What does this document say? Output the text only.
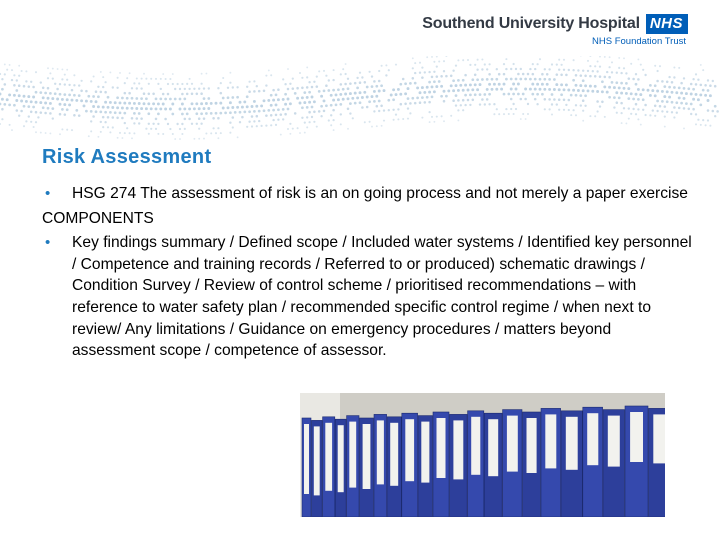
Southend University Hospital NHS
NHS Foundation Trust
Risk Assessment
•	HSG 274 The assessment of risk is an on going process and not merely a paper exercise
COMPONENTS
•	Key findings summary / Defined scope / Included water systems / Identified key personnel / Competence and training records / Referred to or produced) schematic drawings / Condition Survey / Review of control scheme / prioritised recommendations – with reference to water safety plan / recommended specific control regime / when next to review/ Any limitations / Guidance on emergency procedures / matters beyond assessment scope / competence of assessor.
